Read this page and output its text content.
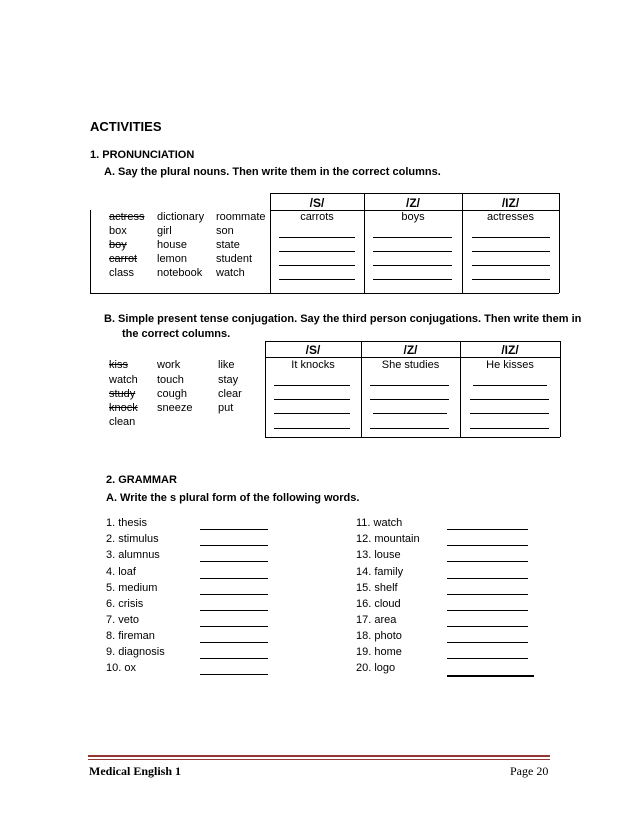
ACTIVITIES
1. PRONUNCIATION
A. Say the plural nouns. Then write them in the correct columns.
/S/	/Z/	/IZ/
carrots	boys	actresses
actress dictionary roommate
box	girl	son
boy	house	state
carrot lemon	student
class notebook watch
B. Simple present tense conjugation. Say the third person conjugations. Then write them in
the correct columns.
/S/	/Z/	/IZ/
It knocks	She studies	He kisses
kiss	work	like
watch touch	stay
study cough	clear
knock sneeze put
clean
2. GRAMMAR
A. Write the s plural form of the following words.
1. thesis
2. stimulus
3. alumnus
4. loaf
5. medium
6. crisis
7. veto
8. fireman
9. diagnosis
10. ox
11. watch
12. mountain
13. louse
14. family
15. shelf
16. cloud
17. area
18. photo
19. home
20. logo
Medical English 1	Page 20
